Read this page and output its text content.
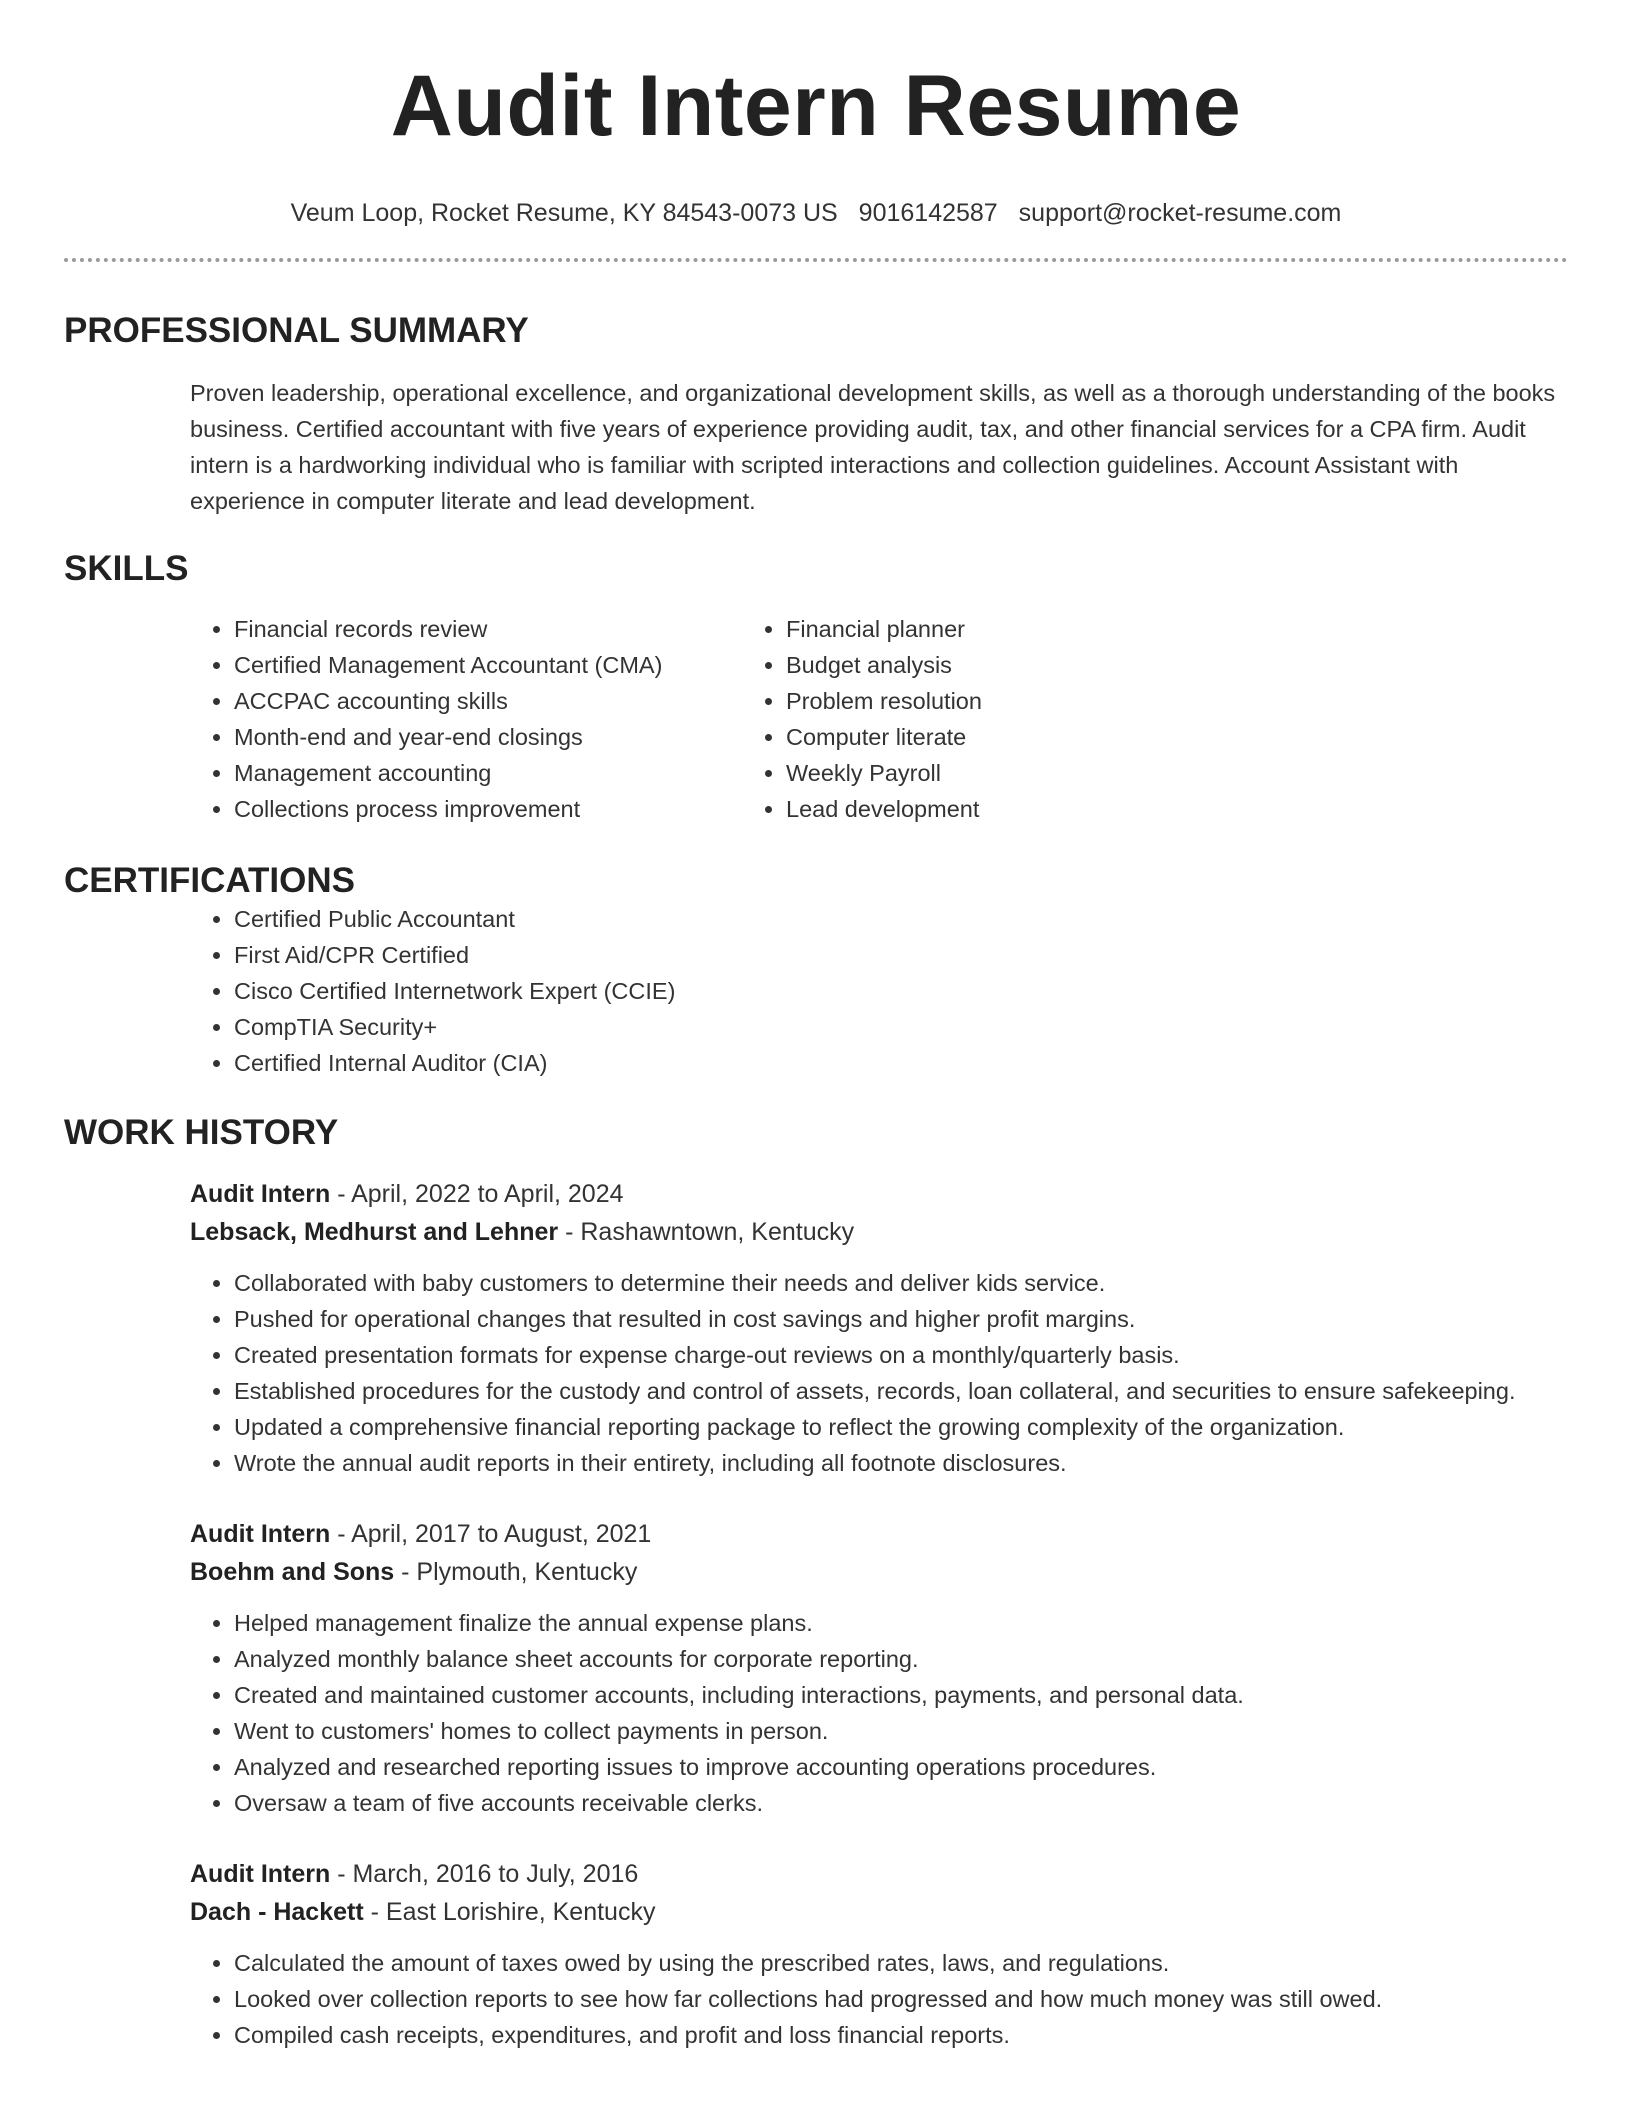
Audit Intern Resume
Veum Loop, Rocket Resume, KY 84543-0073 US 9016142587 support@rocket-resume.com
PROFESSIONAL SUMMARY

Proven leadership, operational excellence, and organizational development skills, as well as a thorough understanding of the books business. Certified accountant with five years of experience providing audit, tax, and other financial services for a CPA firm. Audit intern is a hardworking individual who is familiar with scripted interactions and collection guidelines. Account Assistant with experience in computer literate and lead development.

SKILLS
• Financial records review
• Certified Management Accountant (CMA)
• ACCPAC accounting skills
• Month-end and year-end closings
• Management accounting
• Collections process improvement
• Financial planner
• Budget analysis
• Problem resolution
• Computer literate
• Weekly Payroll
• Lead development
CERTIFICATIONS
• Certified Public Accountant
• First Aid/CPR Certified
• Cisco Certified Internetwork Expert (CCIE)
• CompTIA Security+
• Certified Internal Auditor (CIA)
WORK HISTORY
Audit Intern - April, 2022 to April, 2024
Lebsack, Medhurst and Lehner - Rashawntown, Kentucky
• Collaborated with baby customers to determine their needs and deliver kids service.
• Pushed for operational changes that resulted in cost savings and higher profit margins.
• Created presentation formats for expense charge-out reviews on a monthly/quarterly basis.
• Established procedures for the custody and control of assets, records, loan collateral, and securities to ensure safekeeping.
• Updated a comprehensive financial reporting package to reflect the growing complexity of the organization.
• Wrote the annual audit reports in their entirety, including all footnote disclosures.
Audit Intern - April, 2017 to August, 2021
Boehm and Sons - Plymouth, Kentucky
• Helped management finalize the annual expense plans.
• Analyzed monthly balance sheet accounts for corporate reporting.
• Created and maintained customer accounts, including interactions, payments, and personal data.
• Went to customers' homes to collect payments in person.
• Analyzed and researched reporting issues to improve accounting operations procedures.
• Oversaw a team of five accounts receivable clerks.
Audit Intern - March, 2016 to July, 2016
Dach - Hackett - East Lorishire, Kentucky
• Calculated the amount of taxes owed by using the prescribed rates, laws, and regulations.
• Looked over collection reports to see how far collections had progressed and how much money was still owed.
• Compiled cash receipts, expenditures, and profit and loss financial reports.
